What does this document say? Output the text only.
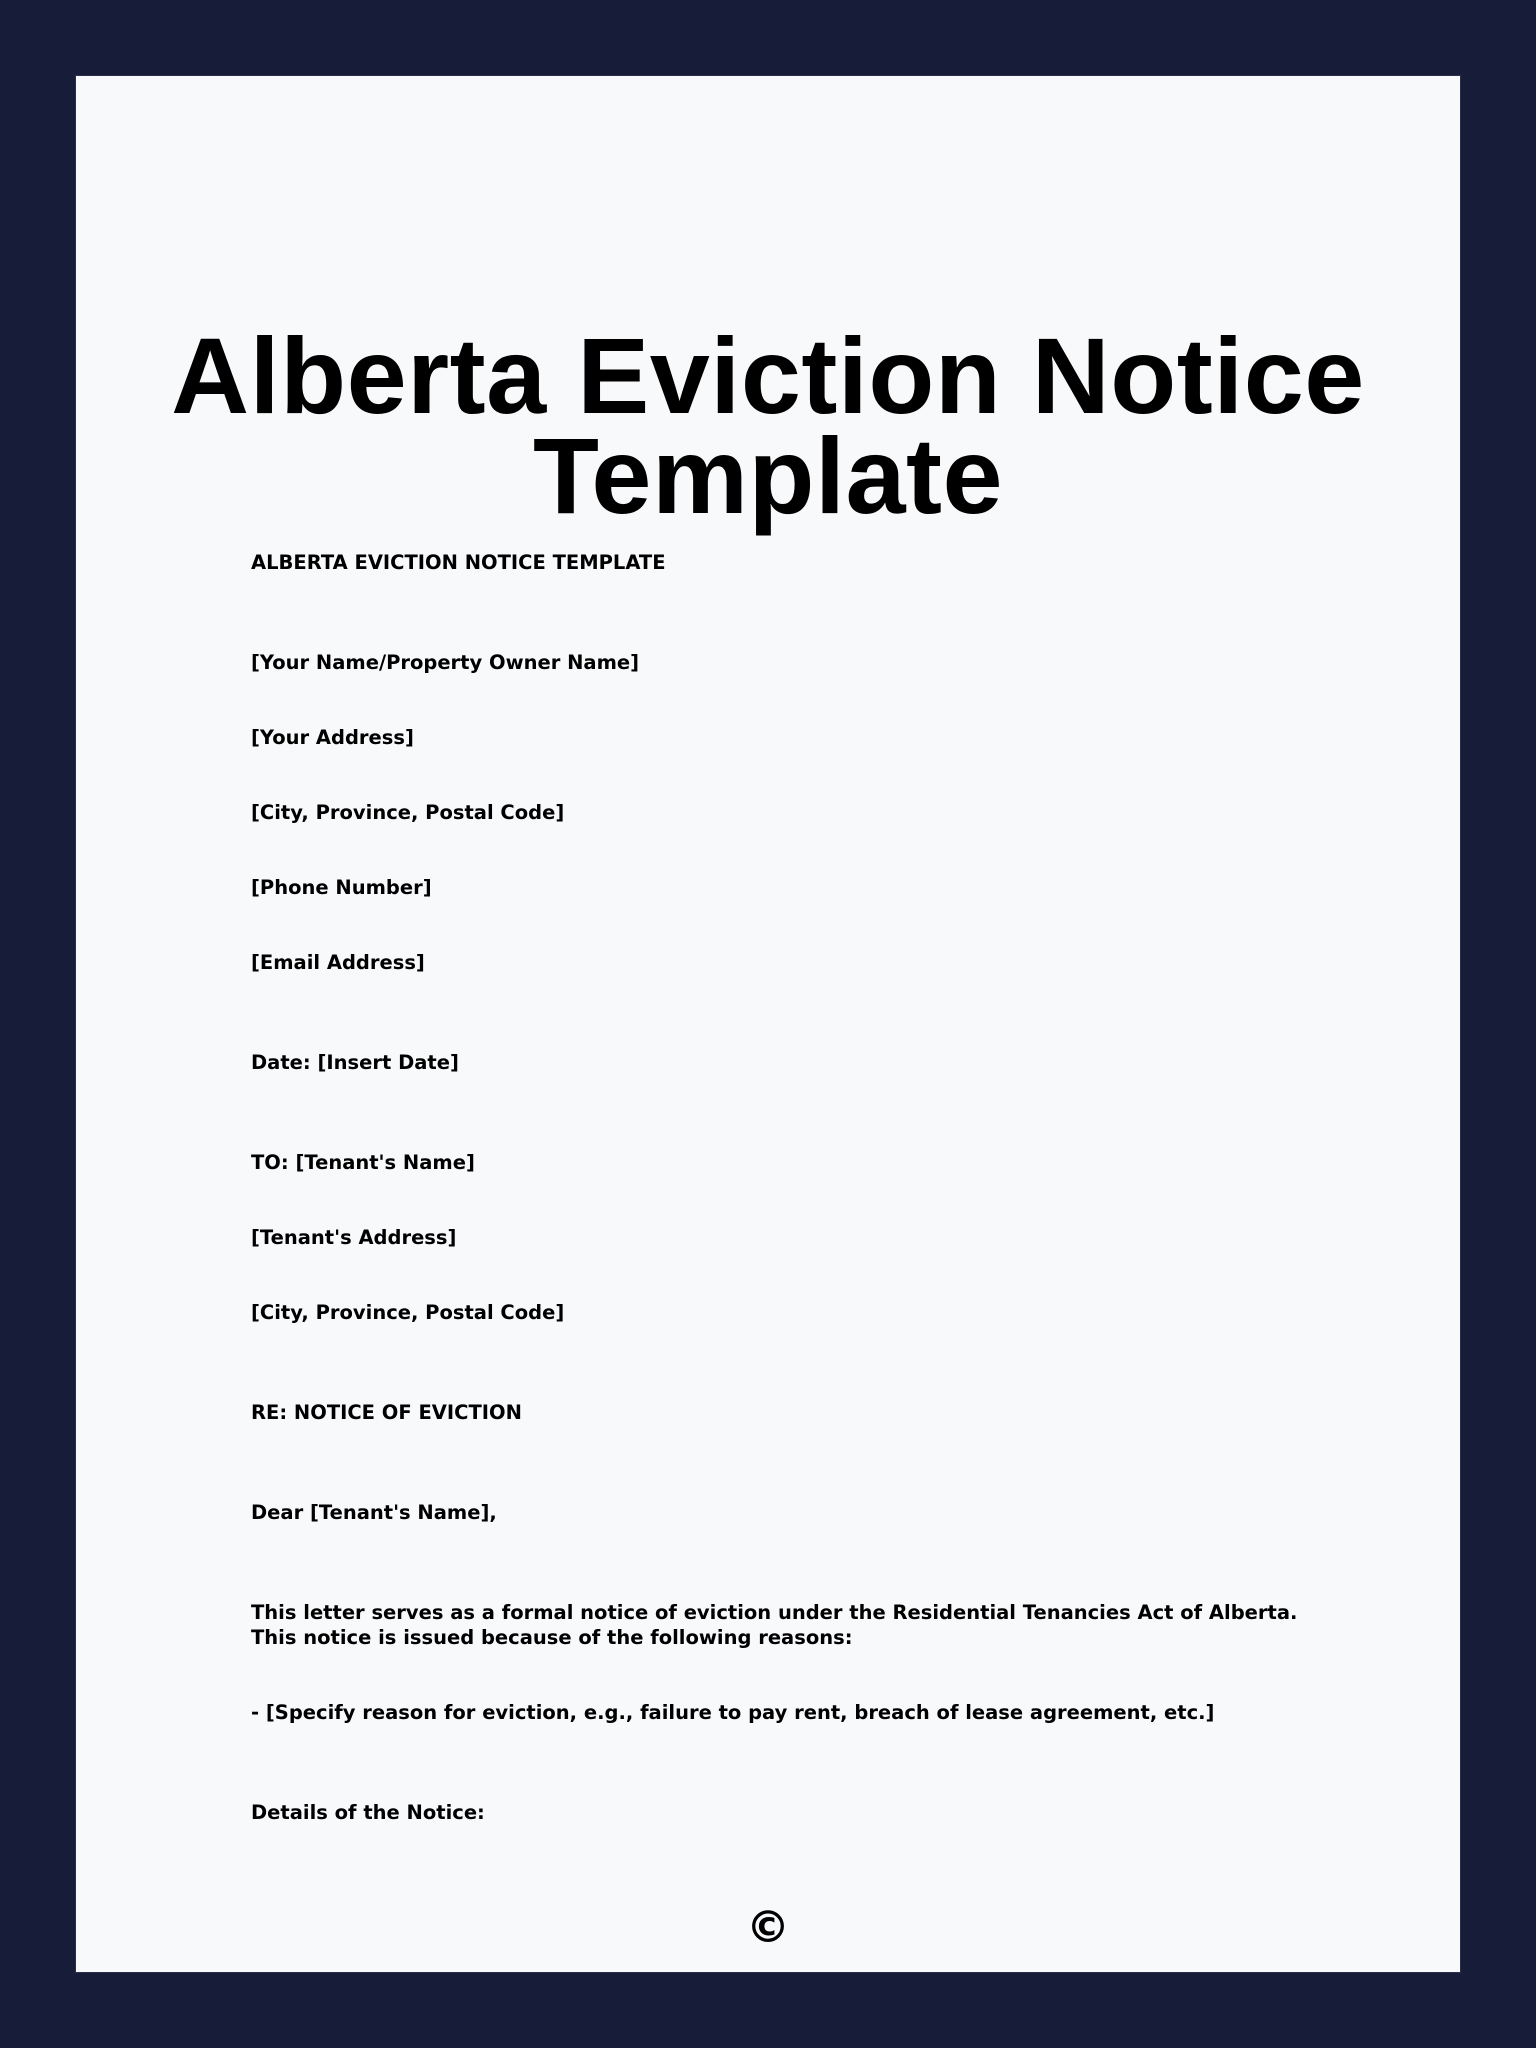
Alberta Eviction Notice
Template

ALBERTA EVICTION NOTICE TEMPLATE

[Your Name/Property Owner Name]

[Your Address]

[City, Province, Postal Code]

[Phone Number]

[Email Address]

Date: [Insert Date]

TO: [Tenant's Name]

[Tenant's Address]

[City, Province, Postal Code]

RE: NOTICE OF EVICTION

Dear [Tenant's Name],

This letter serves as a formal notice of eviction under the Residential Tenancies Act of Alberta. This notice is issued because of the following reasons:

- [Specify reason for eviction, e.g., failure to pay rent, breach of lease agreement, etc.]

Details of the Notice:

©
